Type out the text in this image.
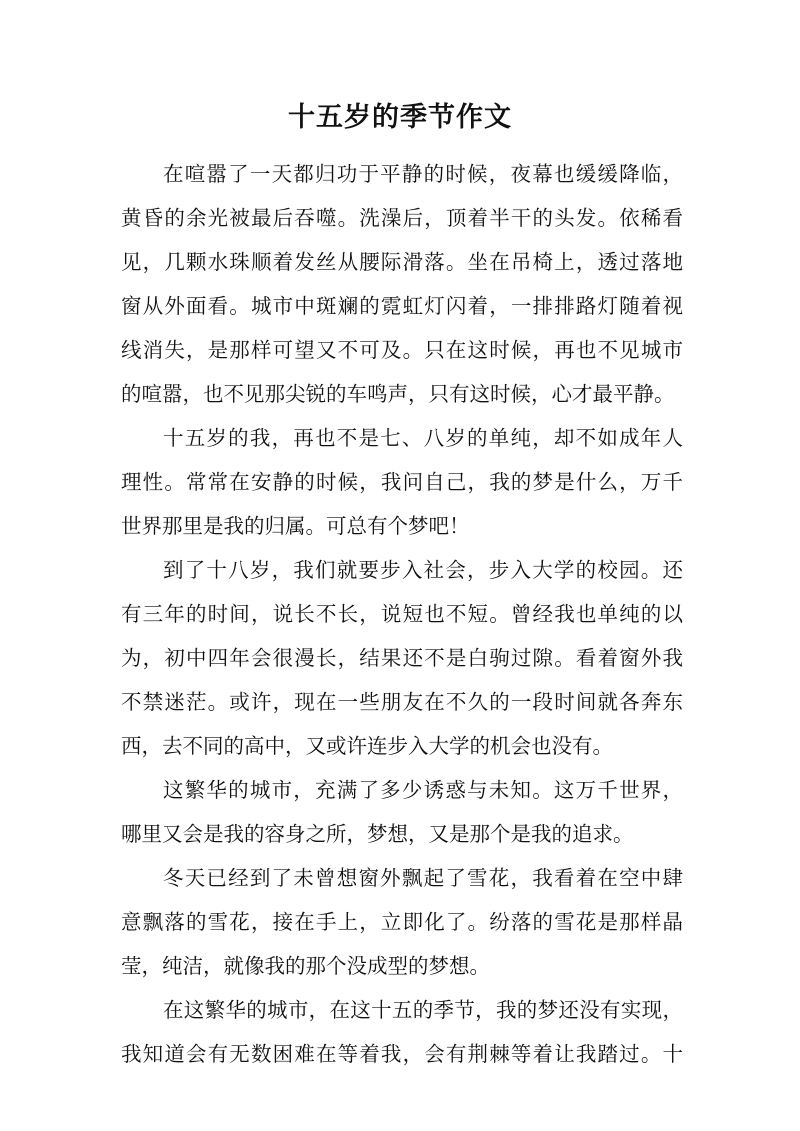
十五岁的季节作文
在喧嚣了一天都归功于平静的时候，夜幕也缓缓降临，
黄昏的余光被最后吞噬。洗澡后，顶着半干的头发。依稀看
见，几颗水珠顺着发丝从腰际滑落。坐在吊椅上，透过落地
窗从外面看。城市中斑斓的霓虹灯闪着，一排排路灯随着视
线消失，是那样可望又不可及。只在这时候，再也不见城市
的喧嚣，也不见那尖锐的车鸣声，只有这时候，心才最平静。
十五岁的我，再也不是七、八岁的单纯，却不如成年人
理性。常常在安静的时候，我问自己，我的梦是什么，万千
世界那里是我的归属。可总有个梦吧！
到了十八岁，我们就要步入社会，步入大学的校园。还
有三年的时间，说长不长，说短也不短。曾经我也单纯的以
为，初中四年会很漫长，结果还不是白驹过隙。看着窗外我
不禁迷茫。或许，现在一些朋友在不久的一段时间就各奔东
西，去不同的高中，又或许连步入大学的机会也没有。
这繁华的城市，充满了多少诱惑与未知。这万千世界，
哪里又会是我的容身之所，梦想，又是那个是我的追求。
冬天已经到了未曾想窗外飘起了雪花，我看着在空中肆
意飘落的雪花，接在手上，立即化了。纷落的雪花是那样晶
莹，纯洁，就像我的那个没成型的梦想。
在这繁华的城市，在这十五的季节，我的梦还没有实现，
我知道会有无数困难在等着我，会有荆棘等着让我踏过。十
